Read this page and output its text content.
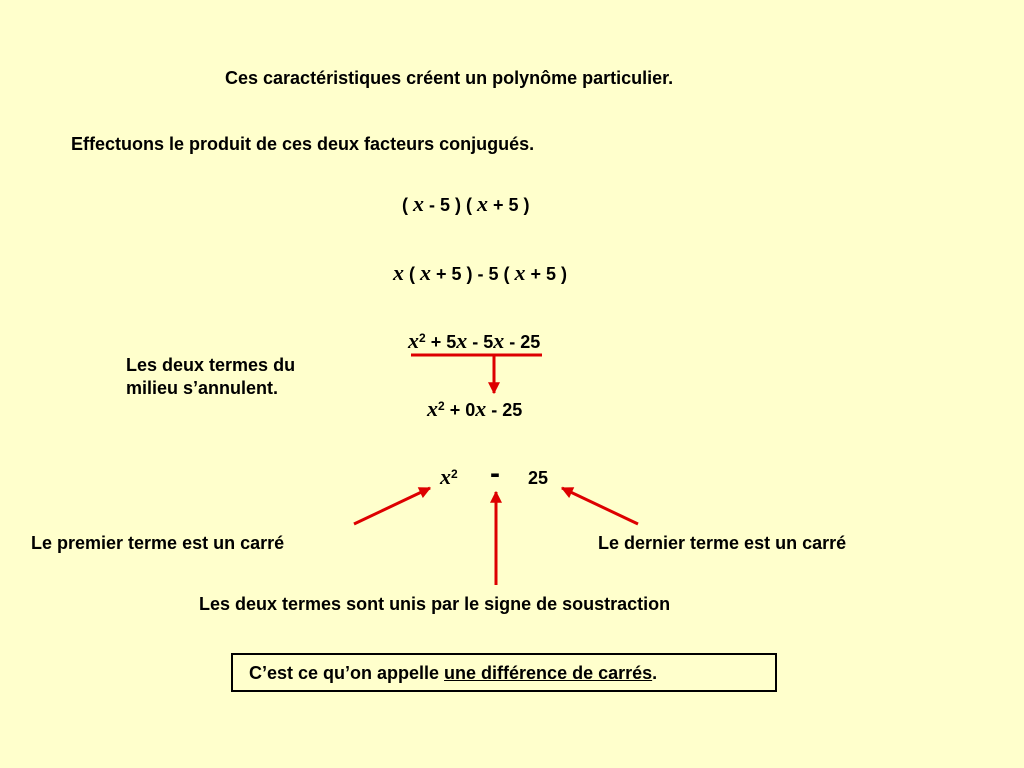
Ces caractéristiques créent un polynôme particulier.
Effectuons le produit de ces deux facteurs conjugués.
( x - 5 ) ( x + 5 )
x ( x + 5 ) - 5 ( x + 5 )
$x^2 + 5x - 5x - 25$
Les deux termes du
milieu s’annulent.
$x^2 + 0x - 25$
$x^2 - 25$
Le premier terme est un carré	Le dernier terme est un carré
Les deux termes sont unis par le signe de soustraction
C’est ce qu’on appelle une différence de carrés.
